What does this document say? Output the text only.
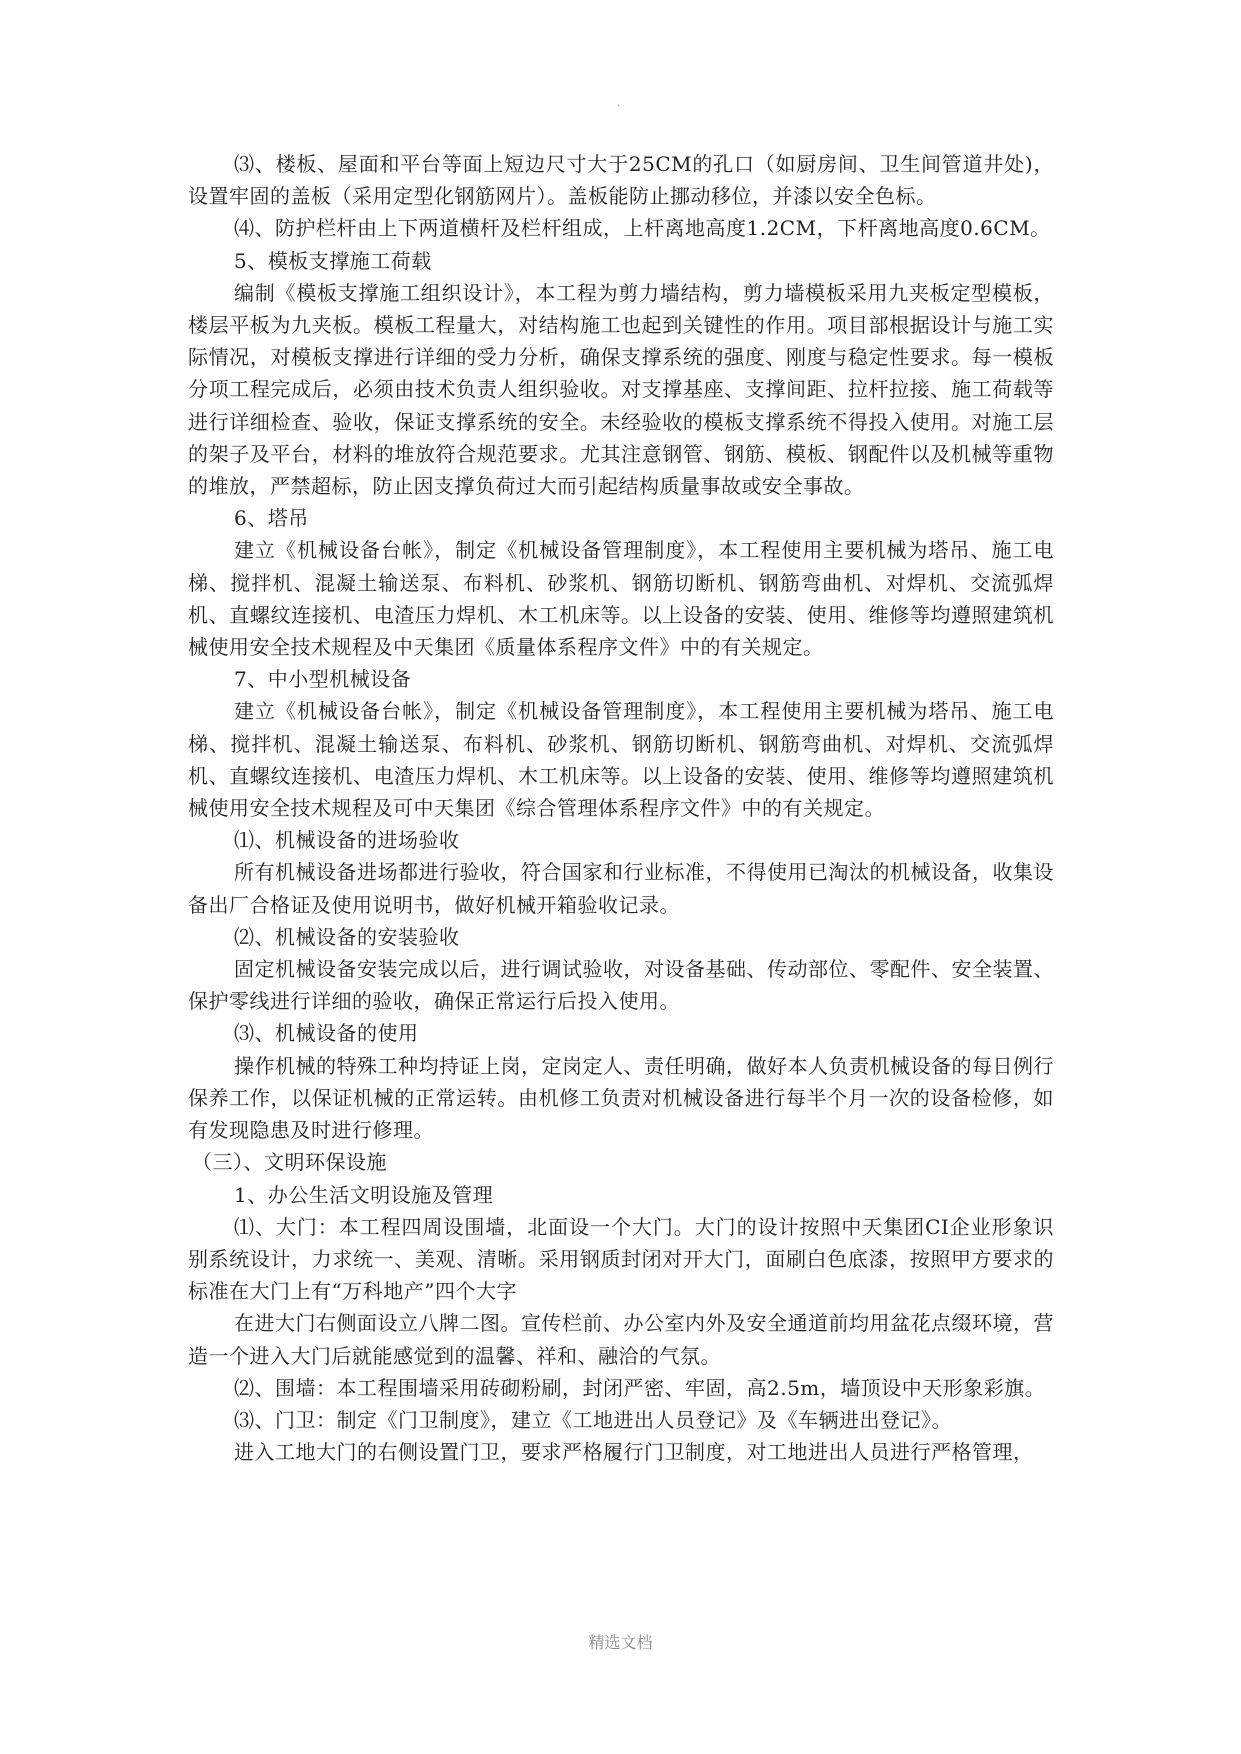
.

⑶、楼板、屋面和平台等面上短边尺寸大于25CM的孔口（如厨房间、卫生间管道井处)，设置牢固的盖板（采用定型化钢筋网片）。盖板能防止挪动移位，并漆以安全色标。

⑷、防护栏杆由上下两道横杆及栏杆组成，上杆离地高度1.2CM，下杆离地高度0.6CM。

5、模板支撑施工荷载

编制《模板支撑施工组织设计》，本工程为剪力墙结构，剪力墙模板采用九夹板定型模板，楼层平板为九夹板。模板工程量大，对结构施工也起到关键性的作用。项目部根据设计与施工实际情况，对模板支撑进行详细的受力分析，确保支撑系统的强度、刚度与稳定性要求。每一模板分项工程完成后，必须由技术负责人组织验收。对支撑基座、支撑间距、拉杆拉接、施工荷载等进行详细检查、验收，保证支撑系统的安全。未经验收的模板支撑系统不得投入使用。对施工层的架子及平台，材料的堆放符合规范要求。尤其注意钢管、钢筋、模板、钢配件以及机械等重物的堆放，严禁超标，防止因支撑负荷过大而引起结构质量事故或安全事故。

6、塔吊

建立《机械设备台帐》，制定《机械设备管理制度》，本工程使用主要机械为塔吊、施工电梯、搅拌机、混凝土输送泵、布料机、砂浆机、钢筋切断机、钢筋弯曲机、对焊机、交流弧焊机、直螺纹连接机、电渣压力焊机、木工机床等。以上设备的安装、使用、维修等均遵照建筑机械使用安全技术规程及中天集团《质量体系程序文件》中的有关规定。

7、中小型机械设备

建立《机械设备台帐》，制定《机械设备管理制度》，本工程使用主要机械为塔吊、施工电梯、搅拌机、混凝土输送泵、布料机、砂浆机、钢筋切断机、钢筋弯曲机、对焊机、交流弧焊机、直螺纹连接机、电渣压力焊机、木工机床等。以上设备的安装、使用、维修等均遵照建筑机械使用安全技术规程及可中天集团《综合管理体系程序文件》中的有关规定。

⑴、机械设备的进场验收

所有机械设备进场都进行验收，符合国家和行业标准，不得使用已淘汰的机械设备，收集设备出厂合格证及使用说明书，做好机械开箱验收记录。

⑵、机械设备的安装验收

固定机械设备安装完成以后，进行调试验收，对设备基础、传动部位、零配件、安全装置、保护零线进行详细的验收，确保正常运行后投入使用。

⑶、机械设备的使用

操作机械的特殊工种均持证上岗，定岗定人、责任明确，做好本人负责机械设备的每日例行保养工作，以保证机械的正常运转。由机修工负责对机械设备进行每半个月一次的设备检修，如有发现隐患及时进行修理。

（三）、文明环保设施

1、办公生活文明设施及管理

⑴、大门：本工程四周设围墙，北面设一个大门。大门的设计按照中天集团CI企业形象识别系统设计，力求统一、美观、清晰。采用钢质封闭对开大门，面刷白色底漆，按照甲方要求的标准在大门上有“万科地产”四个大字

在进大门右侧面设立八牌二图。宣传栏前、办公室内外及安全通道前均用盆花点缀环境，营造一个进入大门后就能感觉到的温馨、祥和、融洽的气氛。

⑵、围墙：本工程围墙采用砖砌粉刷，封闭严密、牢固，高2.5m，墙顶设中天形象彩旗。

⑶、门卫：制定《门卫制度》，建立《工地进出人员登记》及《车辆进出登记》。

进入工地大门的右侧设置门卫，要求严格履行门卫制度，对工地进出人员进行严格管理，

精选文档
